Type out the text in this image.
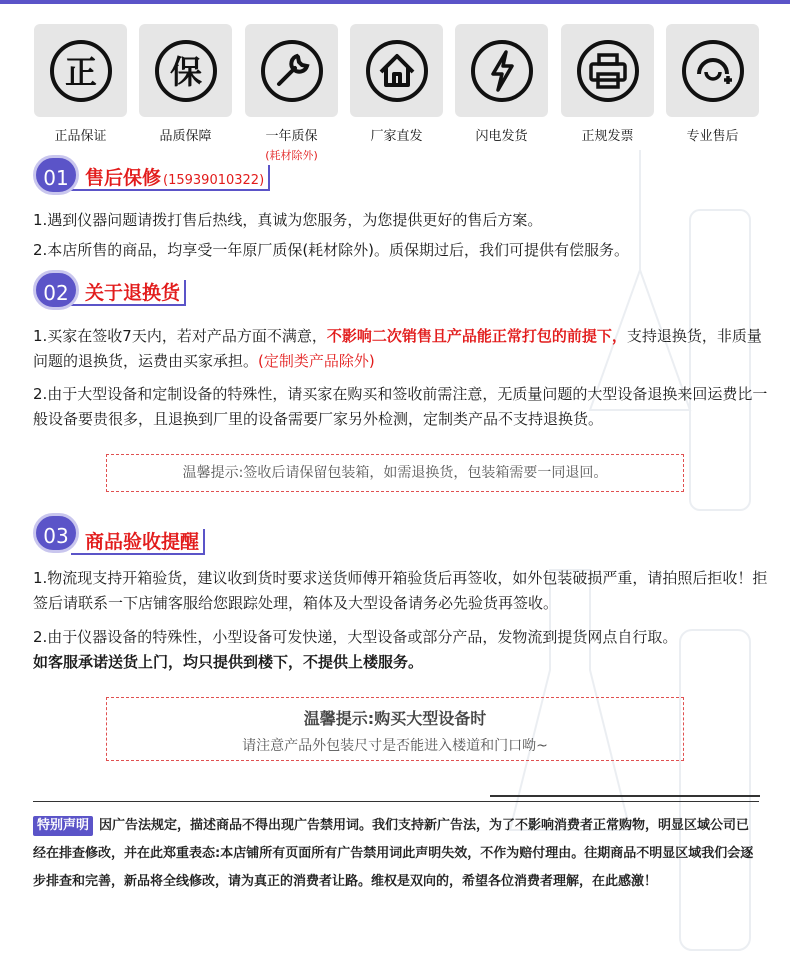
正
正品保证
保
品质保障	一年质保
(耗材除外)
厂家直发	闪电发货	正规发票	专业售后
售后保修 (15939010322)
01
1.遇到仪器问题请拨打售后热线，真诚为您服务，为您提供更好的售后方案。
2.本店所售的商品，均享受一年原厂质保(耗材除外)。质保期过后，我们可提供有偿服务。
关于退换货
02
1.买家在签收7天内，若对产品方面不满意，不影响二次销售且产品能正常打包的前提下，支持退换货，非质量问题的退换货，运费由买家承担。(定制类产品除外)
2.由于大型设备和定制设备的特殊性，请买家在购买和签收前需注意，无质量问题的大型设备退换来回运费比一般设备要贵很多，且退换到厂里的设备需要厂家另外检测，定制类产品不支持退换货。
温馨提示:签收后请保留包装箱，如需退换货，包装箱需要一同退回。
商品验收提醒
03
1.物流现支持开箱验货，建议收到货时要求送货师傅开箱验货后再签收，如外包装破损严重，请拍照后拒收！拒签后请联系一下店铺客服给您跟踪处理，箱体及大型设备请务必先验货再签收。
2.由于仪器设备的特殊性，小型设备可发快递，大型设备或部分产品，发物流到提货网点自行取。
如客服承诺送货上门，均只提供到楼下，不提供上楼服务。
温馨提示:购买大型设备时
请注意产品外包装尺寸是否能进入楼道和门口呦~
特别声明 因广告法规定，描述商品不得出现广告禁用词。我们支持新广告法，为了不影响消费者正常购物，明显区域公司已经在排查修改，并在此郑重表态:本店铺所有页面所有广告禁用词此声明失效，不作为赔付理由。往期商品不明显区域我们会逐步排查和完善，新品将全线修改，请为真正的消费者让路。维权是双向的，希望各位消费者理解，在此感激！
